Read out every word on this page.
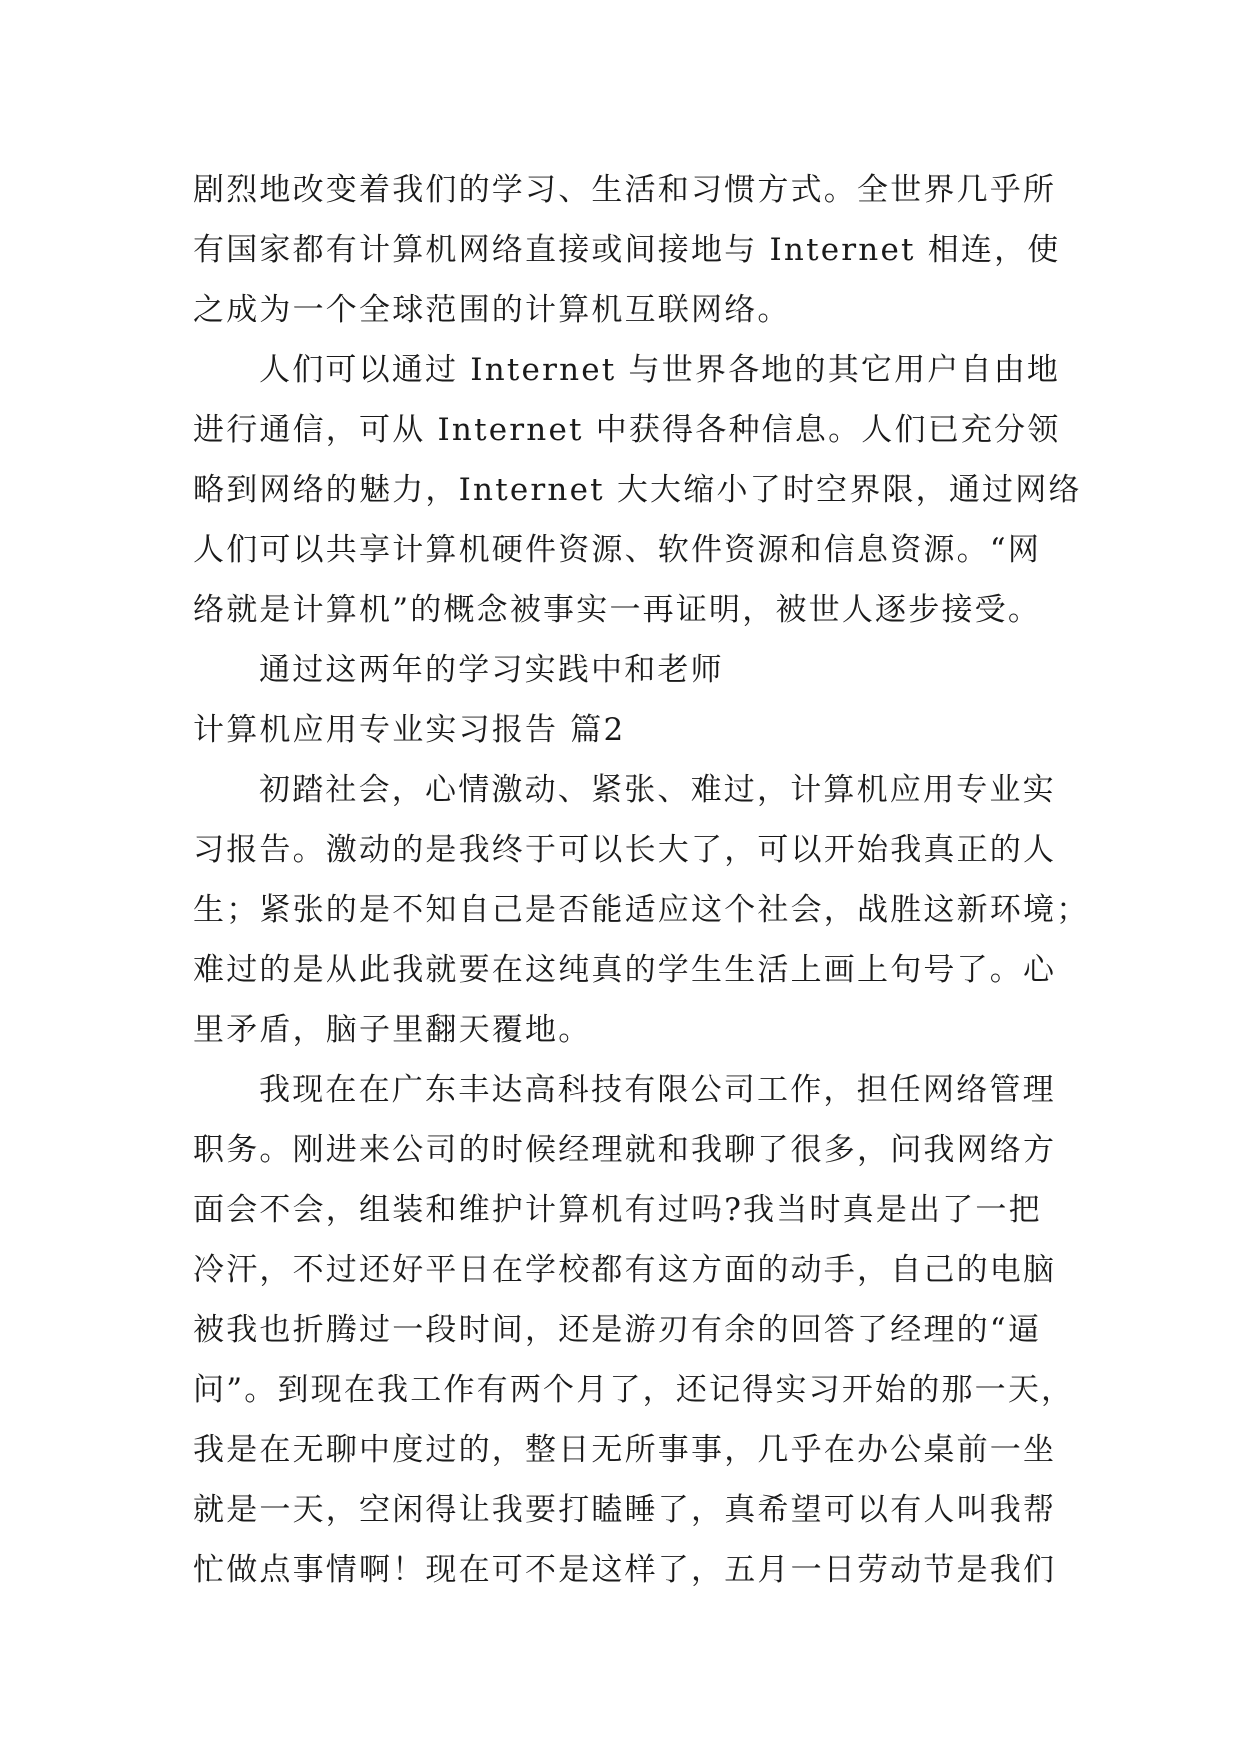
剧烈地改变着我们的学习、生活和习惯方式。全世界几乎所
有国家都有计算机网络直接或间接地与 Internet 相连，使
之成为一个全球范围的计算机互联网络。
人们可以通过 Internet 与世界各地的其它用户自由地
进行通信，可从 Internet 中获得各种信息。人们已充分领
略到网络的魅力，Internet 大大缩小了时空界限，通过网络
人们可以共享计算机硬件资源、软件资源和信息资源。“网
络就是计算机”的概念被事实一再证明，被世人逐步接受。
通过这两年的学习实践中和老师
计算机应用专业实习报告 篇2
初踏社会，心情激动、紧张、难过，计算机应用专业实
习报告。激动的是我终于可以长大了，可以开始我真正的人
生；紧张的是不知自己是否能适应这个社会，战胜这新环境；
难过的是从此我就要在这纯真的学生生活上画上句号了。心
里矛盾，脑子里翻天覆地。
我现在在广东丰达高科技有限公司工作，担任网络管理
职务。刚进来公司的时候经理就和我聊了很多，问我网络方
面会不会，组装和维护计算机有过吗?我当时真是出了一把
冷汗，不过还好平日在学校都有这方面的动手，自己的电脑
被我也折腾过一段时间，还是游刃有余的回答了经理的“逼
问”。到现在我工作有两个月了，还记得实习开始的那一天，
我是在无聊中度过的，整日无所事事，几乎在办公桌前一坐
就是一天，空闲得让我要打瞌睡了，真希望可以有人叫我帮
忙做点事情啊！现在可不是这样了，五月一日劳动节是我们
